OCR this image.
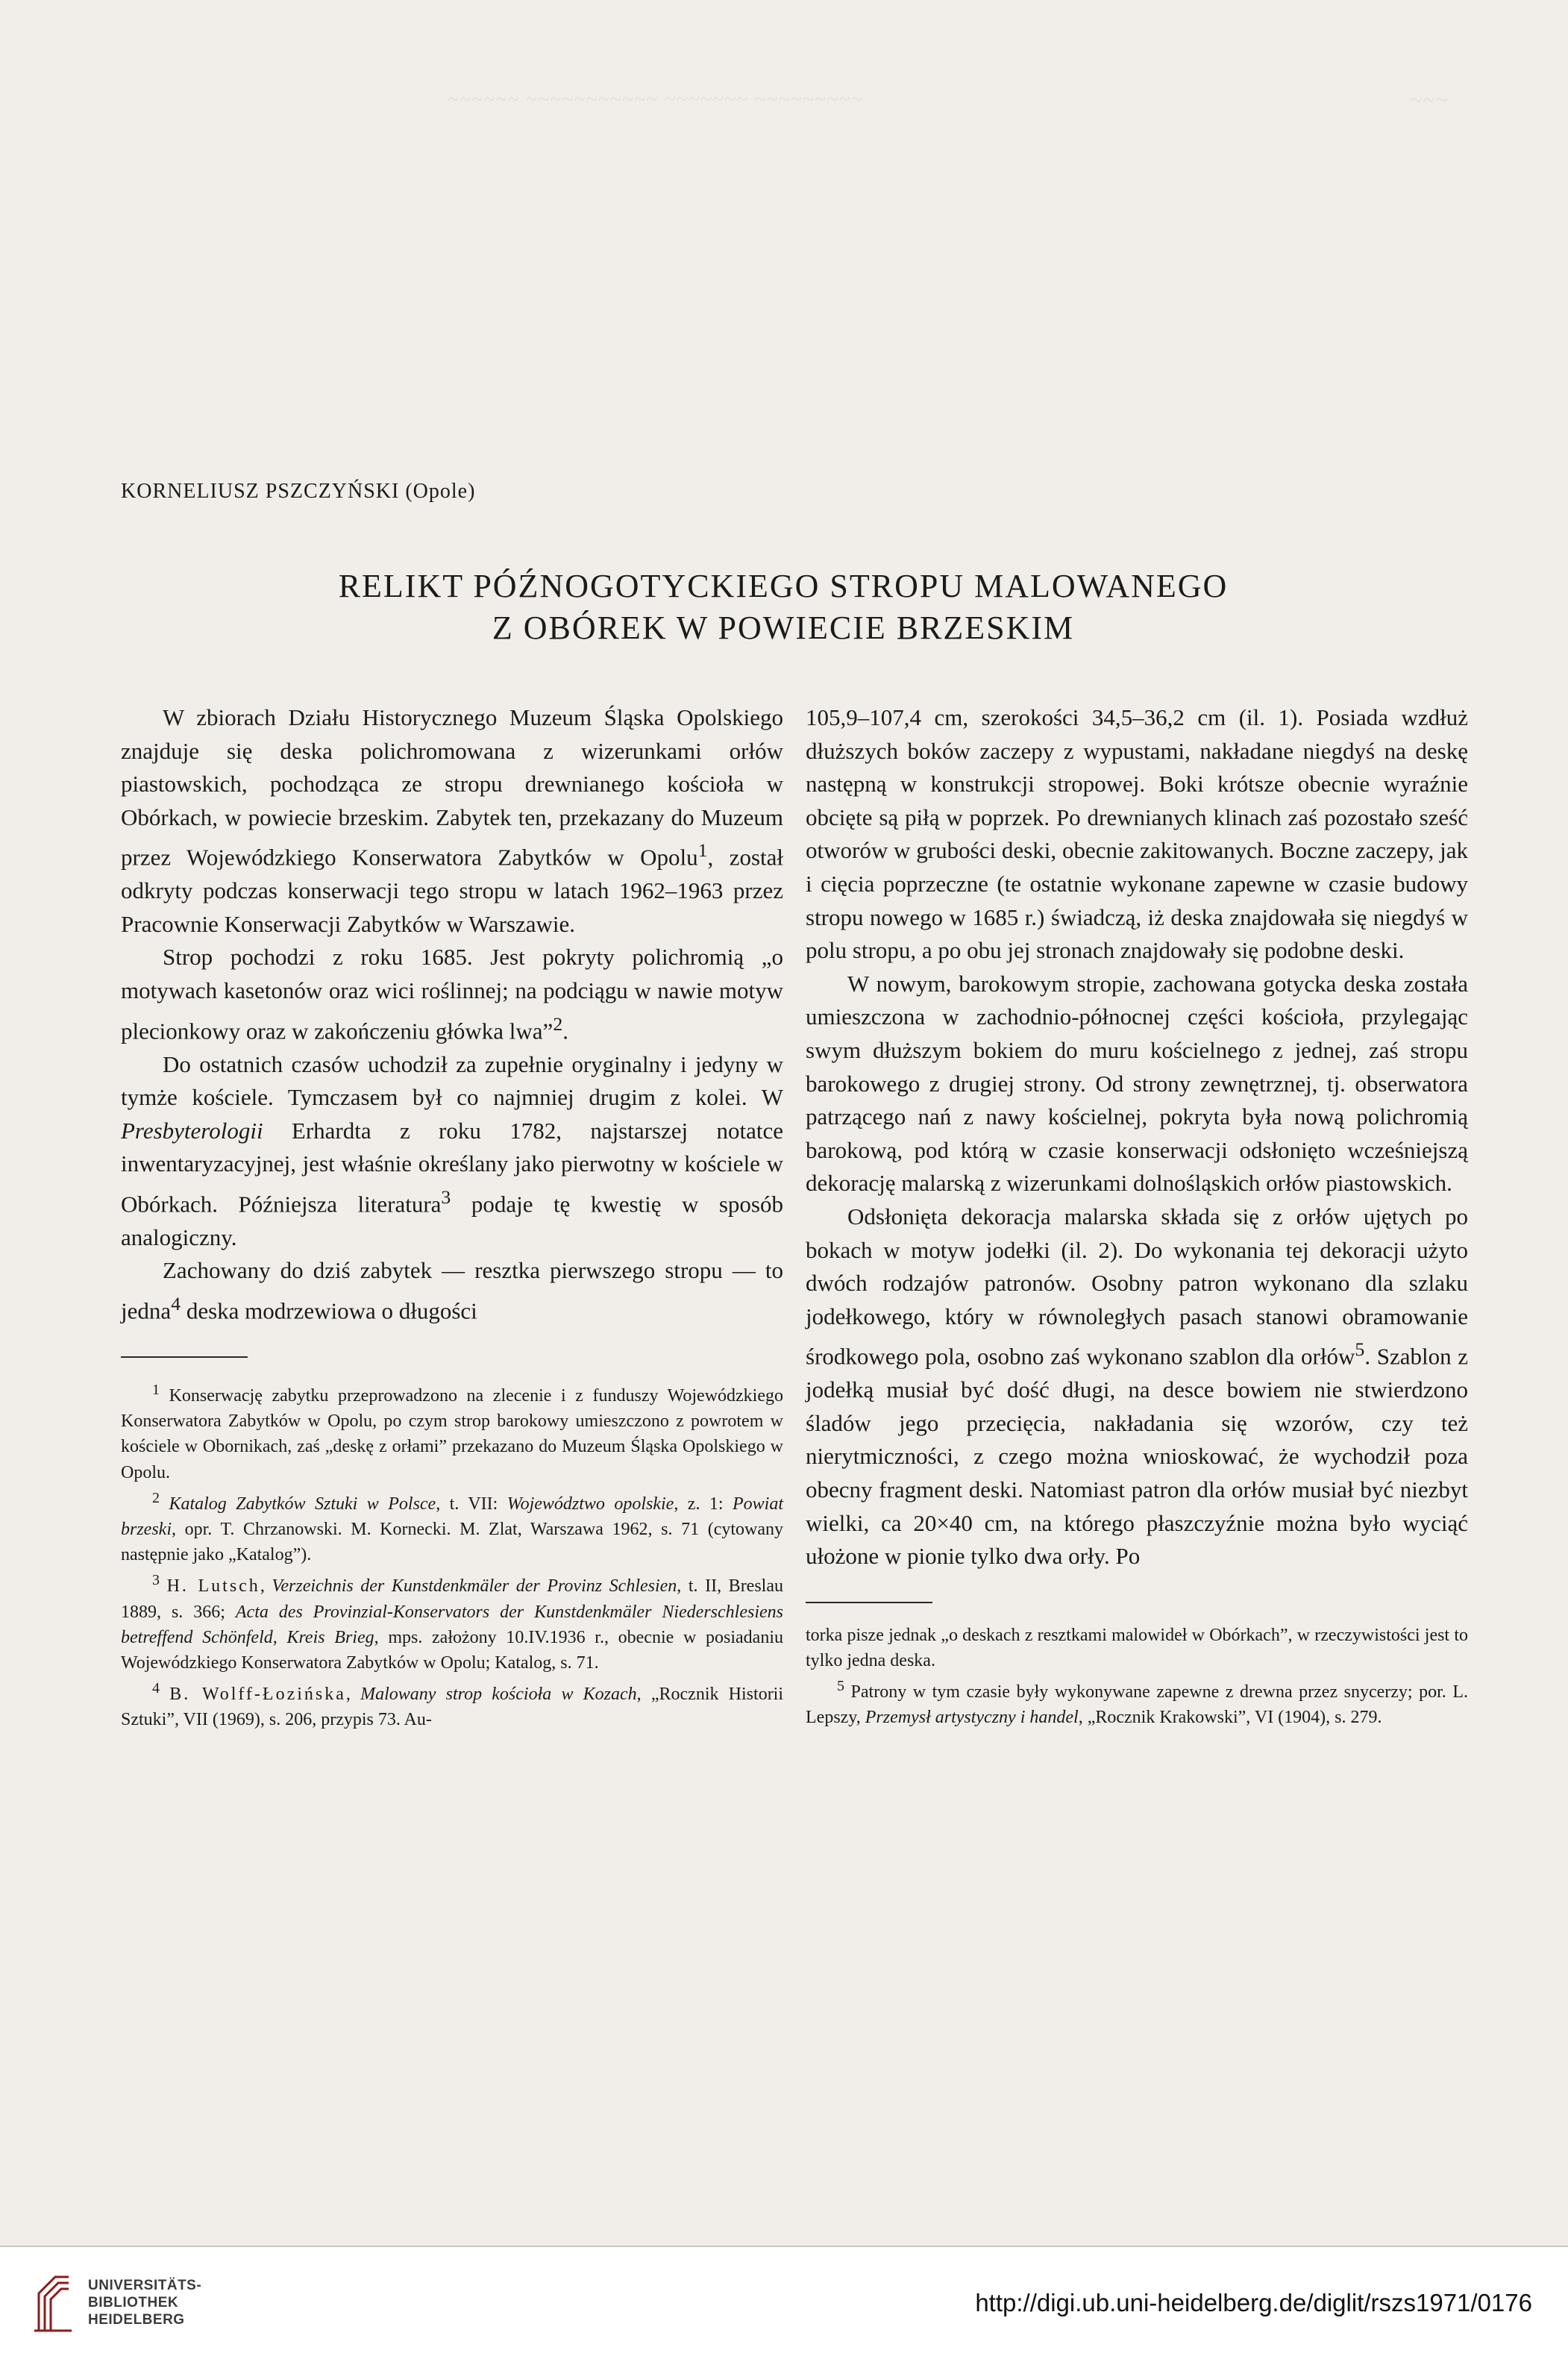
~~~~~~ ~~~~~~~~~~~ ~~~~~~~ ~~~~~~~~~	~~~
KORNELIUSZ PSZCZYŃSKI (Opole)
RELIKT PÓŹNOGOTYCKIEGO STROPU MALOWANEGO
Z OBÓREK W POWIECIE BRZESKIM

W zbiorach Działu Historycznego Muzeum Śląska Opolskiego znajduje się deska polichromowana z wizerunkami orłów piastowskich, pochodząca ze stropu drewnianego kościoła w Obórkach, w powiecie brzeskim. Zabytek ten, przekazany do Muzeum przez Wojewódzkiego Konserwatora Zabytków w Opolu$^1$, został odkryty podczas konserwacji tego stropu w latach 1962–1963 przez Pracownie Konserwacji Zabytków w Warszawie.

Strop pochodzi z roku 1685. Jest pokryty polichromią „o motywach kasetonów oraz wici roślinnej; na podciągu w nawie motyw plecionkowy oraz w zakończeniu główka lwa”$^2$.

Do ostatnich czasów uchodził za zupełnie oryginalny i jedyny w tymże kościele. Tymczasem był co najmniej drugim z kolei. W Presbyterologii Erhardta z roku 1782, najstarszej notatce inwentaryzacyjnej, jest właśnie określany jako pierwotny w kościele w Obórkach. Późniejsza literatura$^3$ podaje tę kwestię w sposób analogiczny.

Zachowany do dziś zabytek — resztka pierwszego stropu — to jedna$^4$ deska modrzewiowa o długości

$^1$ Konserwację zabytku przeprowadzono na zlecenie i z funduszy Wojewódzkiego Konserwatora Zabytków w Opolu, po czym strop barokowy umieszczono z powrotem w kościele w Obornikach, zaś „deskę z orłami” przekazano do Muzeum Śląska Opolskiego w Opolu.

$^2$ Katalog Zabytków Sztuki w Polsce, t. VII: Województwo opolskie, z. 1: Powiat brzeski, opr. T. Chrzanowski. M. Kornecki. M. Zlat, Warszawa 1962, s. 71 (cytowany następnie jako „Katalog”).

$^3$ H. Lutsch, Verzeichnis der Kunstdenkmäler der Provinz Schlesien, t. II, Breslau 1889, s. 366; Acta des Provinzial-Konservators der Kunstdenkmäler Niederschlesiens betreffend Schönfeld, Kreis Brieg, mps. założony 10.IV.1936 r., obecnie w posiadaniu Wojewódzkiego Konserwatora Zabytków w Opolu; Katalog, s. 71.

$^4$ B. Wolff-Łozińska, Malowany strop kościoła w Kozach, „Rocznik Historii Sztuki”, VII (1969), s. 206, przypis 73. Au-

105,9–107,4 cm, szerokości 34,5–36,2 cm (il. 1). Posiada wzdłuż dłuższych boków zaczepy z wypustami, nakładane niegdyś na deskę następną w konstrukcji stropowej. Boki krótsze obecnie wyraźnie obcięte są piłą w poprzek. Po drewnianych klinach zaś pozostało sześć otworów w grubości deski, obecnie zakitowanych. Boczne zaczepy, jak i cięcia poprzeczne (te ostatnie wykonane zapewne w czasie budowy stropu nowego w 1685 r.) świadczą, iż deska znajdowała się niegdyś w polu stropu, a po obu jej stronach znajdowały się podobne deski.

W nowym, barokowym stropie, zachowana gotycka deska została umieszczona w zachodnio-północnej części kościoła, przylegając swym dłuższym bokiem do muru kościelnego z jednej, zaś stropu barokowego z drugiej strony. Od strony zewnętrznej, tj. obserwatora patrzącego nań z nawy kościelnej, pokryta była nową polichromią barokową, pod którą w czasie konserwacji odsłonięto wcześniejszą dekorację malarską z wizerunkami dolnośląskich orłów piastowskich.

Odsłonięta dekoracja malarska składa się z orłów ujętych po bokach w motyw jodełki (il. 2). Do wykonania tej dekoracji użyto dwóch rodzajów patronów. Osobny patron wykonano dla szlaku jodełkowego, który w równoległych pasach stanowi obramowanie środkowego pola, osobno zaś wykonano szablon dla orłów$^5$. Szablon z jodełką musiał być dość długi, na desce bowiem nie stwierdzono śladów jego przecięcia, nakładania się wzorów, czy też nierytmiczności, z czego można wnioskować, że wychodził poza obecny fragment deski. Natomiast patron dla orłów musiał być niezbyt wielki, ca 20×40 cm, na którego płaszczyźnie można było wyciąć ułożone w pionie tylko dwa orły. Po

torka pisze jednak „o deskach z resztkami malowideł w Obórkach”, w rzeczywistości jest to tylko jedna deska.

$^5$ Patrony w tym czasie były wykonywane zapewne z drewna przez snycerzy; por. L. Lepszy, Przemysł artystyczny i handel, „Rocznik Krakowski”, VI (1904), s. 279.

UNIVERSITÄTS-
BIBLIOTHEK
HEIDELBERG
http://digi.ub.uni-heidelberg.de/diglit/rszs1971/0176
